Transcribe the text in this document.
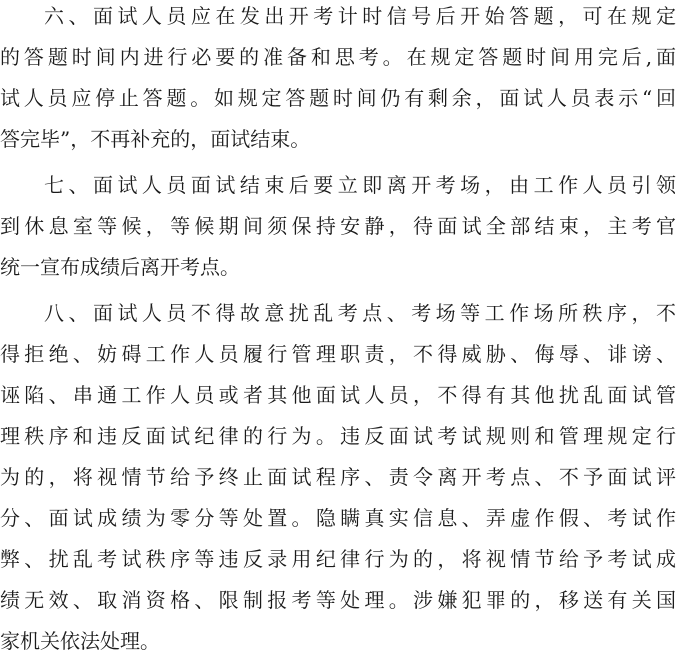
六、面试人员应在发出开考计时信号后开始答题，可在规定
的答题时间内进行必要的准备和思考。在规定答题时间用完后,面
试人员应停止答题。如规定答题时间仍有剩余，面试人员表示“回
答完毕”，不再补充的，面试结束。
七、面试人员面试结束后要立即离开考场，由工作人员引领
到休息室等候，等候期间须保持安静，待面试全部结束，主考官
统一宣布成绩后离开考点。
八、面试人员不得故意扰乱考点、考场等工作场所秩序，不
得拒绝、妨碍工作人员履行管理职责，不得威胁、侮辱、诽谤、
诬陷、串通工作人员或者其他面试人员，不得有其他扰乱面试管
理秩序和违反面试纪律的行为。违反面试考试规则和管理规定行
为的，将视情节给予终止面试程序、责令离开考点、不予面试评
分、面试成绩为零分等处置。隐瞒真实信息、弄虚作假、考试作
弊、扰乱考试秩序等违反录用纪律行为的，将视情节给予考试成
绩无效、取消资格、限制报考等处理。涉嫌犯罪的，移送有关国
家机关依法处理。
